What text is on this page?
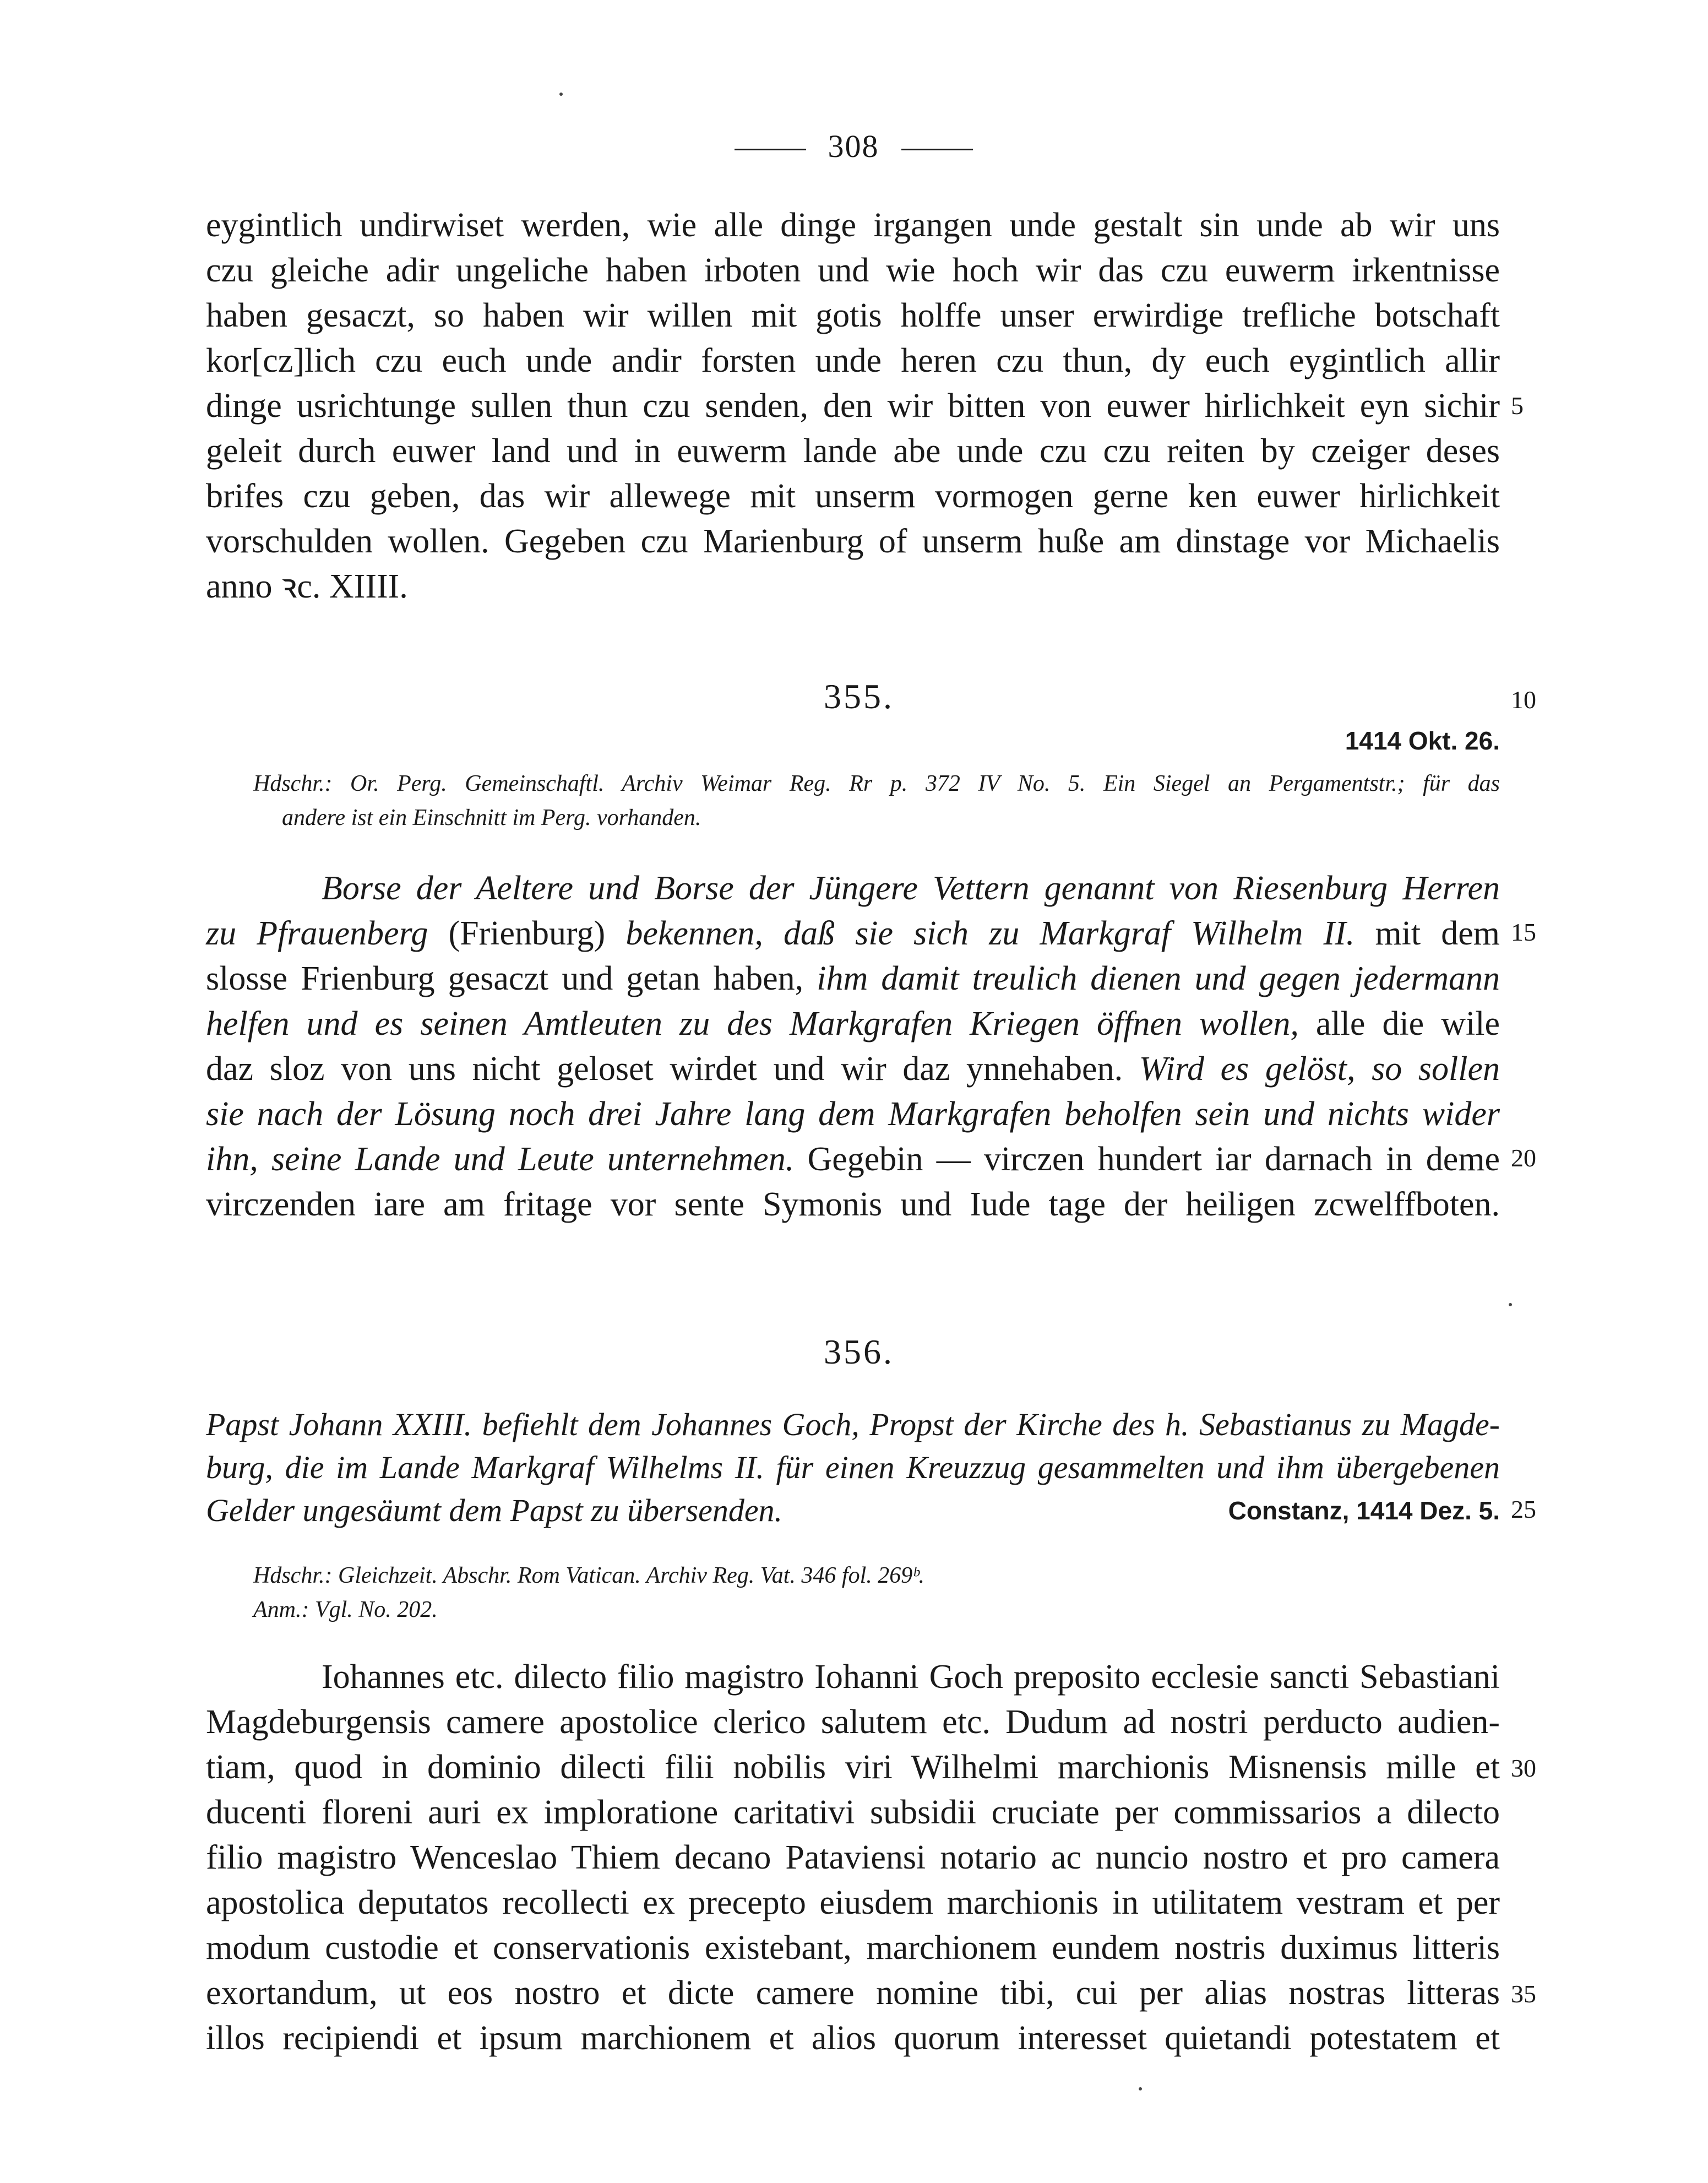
308
eygintlich undirwiset werden, wie alle dinge irgangen unde gestalt sin unde ab wir uns
czu gleiche adir ungeliche haben irboten und wie hoch wir das czu euwerm irkentnisse
haben gesaczt, so haben wir willen mit gotis holffe unser erwirdige trefliche botschaft
kor[cz]lich czu euch unde andir forsten unde heren czu thun, dy euch eygintlich allir
dinge usrichtunge sullen thun czu senden, den wir bitten von euwer hirlichkeit eyn sichir
geleit durch euwer land und in euwerm lande abe unde czu czu reiten by czeiger deses
brifes czu geben, das wir allewege mit unserm vormogen gerne ken euwer hirlichkeit
vorschulden wollen. Gegeben czu Marienburg of unserm huße am dinstage vor Michaelis
anno ꝛc. XIIII.
5
10
15
20
25
30
35
355.
1414 Okt. 26.
Hdschr.: Or. Perg. Gemeinschaftl. Archiv Weimar Reg. Rr p. 372 IV No. 5. Ein Siegel an Pergamentstr.; für das
andere ist ein Einschnitt im Perg. vorhanden.
Borse der Aeltere und Borse der Jüngere Vettern genannt von Riesenburg Herren
zu Pfrauenberg (Frienburg) bekennen, daß sie sich zu Markgraf Wilhelm II. mit dem
slosse Frienburg gesaczt und getan haben, ihm damit treulich dienen und gegen jedermann
helfen und es seinen Amtleuten zu des Markgrafen Kriegen öffnen wollen, alle die wile
daz sloz von uns nicht geloset wirdet und wir daz ynnehaben. Wird es gelöst, so sollen
sie nach der Lösung noch drei Jahre lang dem Markgrafen beholfen sein und nichts wider
ihn, seine Lande und Leute unternehmen. Gegebin — virczen hundert iar darnach in deme
virczenden iare am fritage vor sente Symonis und Iude tage der heiligen zcwelffboten.
356.
Papst Johann XXIII. befiehlt dem Johannes Goch, Propst der Kirche des h. Sebastianus zu Magde-
burg, die im Lande Markgraf Wilhelms II. für einen Kreuzzug gesammelten und ihm übergebenen
Gelder ungesäumt dem Papst zu übersenden.	Constanz, 1414 Dez. 5.
Hdschr.: Gleichzeit. Abschr. Rom Vatican. Archiv Reg. Vat. 346 fol. 269ᵇ.
Anm.: Vgl. No. 202.
Iohannes etc. dilecto filio magistro Iohanni Goch preposito ecclesie sancti Sebastiani
Magdeburgensis camere apostolice clerico salutem etc. Dudum ad nostri perducto audien-
tiam, quod in dominio dilecti filii nobilis viri Wilhelmi marchionis Misnensis mille et
ducenti floreni auri ex imploratione caritativi subsidii cruciate per commissarios a dilecto
filio magistro Wenceslao Thiem decano Pataviensi notario ac nuncio nostro et pro camera
apostolica deputatos recollecti ex precepto eiusdem marchionis in utilitatem vestram et per
modum custodie et conservationis existebant, marchionem eundem nostris duximus litteris
exortandum, ut eos nostro et dicte camere nomine tibi, cui per alias nostras litteras
illos recipiendi et ipsum marchionem et alios quorum interesset quietandi potestatem et
